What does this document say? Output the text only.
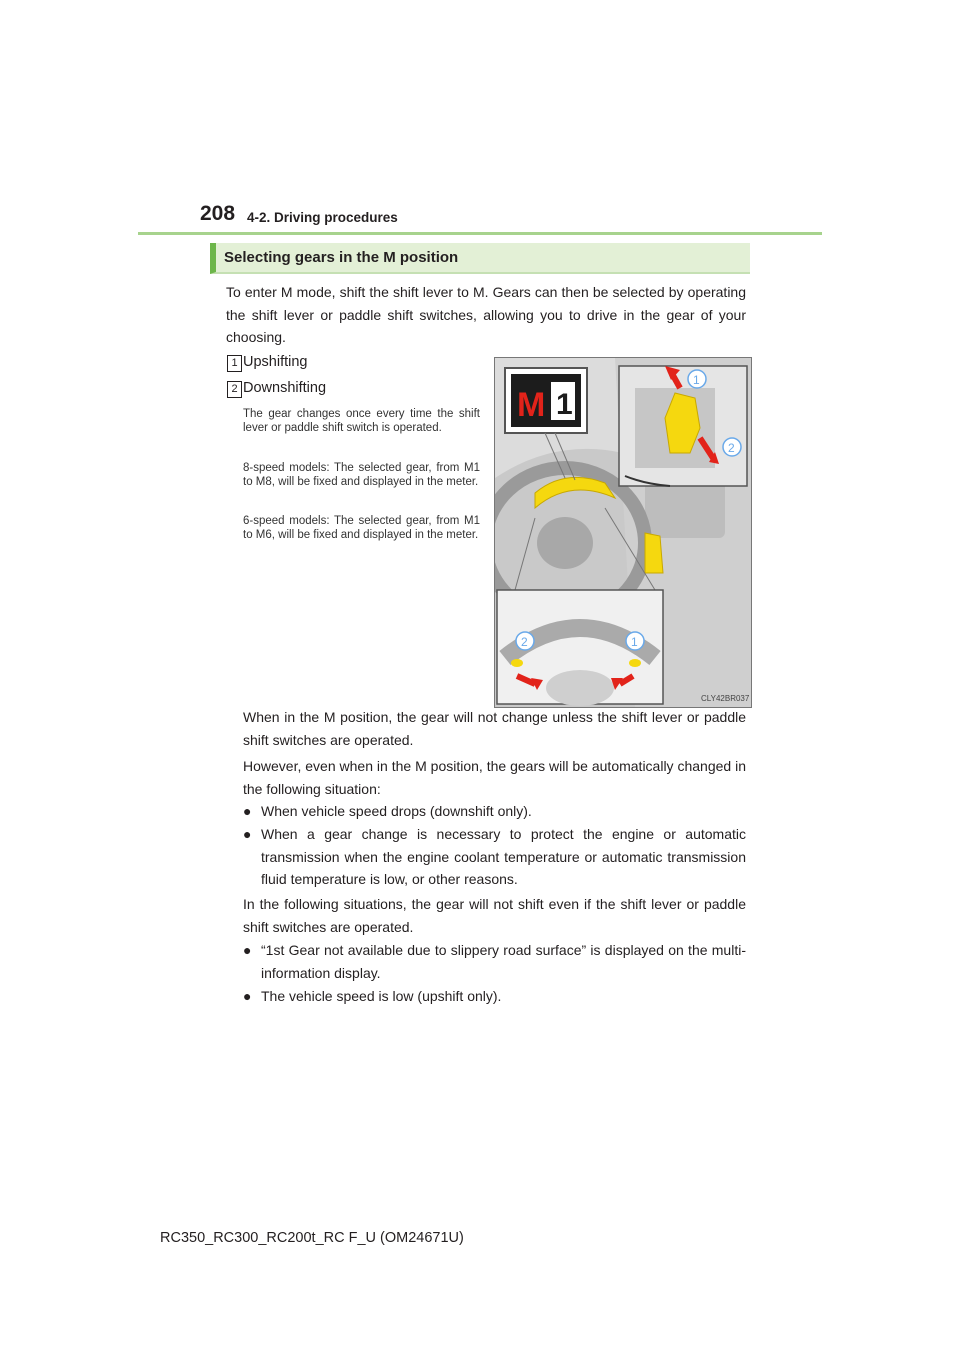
208 4-2. Driving procedures
Selecting gears in the M position
To enter M mode, shift the shift lever to M. Gears can then be selected by operating the shift lever or paddle shift switches, allowing you to drive in the gear of your choosing.
1 Upshifting
2 Downshifting
The gear changes once every time the shift lever or paddle shift switch is operated.
8-speed models: The selected gear, from M1 to M8, will be fixed and displayed in the meter.
6-speed models: The selected gear, from M1 to M6, will be fixed and displayed in the meter.
M 1
1
2
2	1
CLY42BR037
When in the M position, the gear will not change unless the shift lever or paddle shift switches are operated.
However, even when in the M position, the gears will be automatically changed in the following situation:
● When vehicle speed drops (downshift only).
● When a gear change is necessary to protect the engine or automatic transmission when the engine coolant temperature or automatic transmission fluid temperature is low, or other reasons.
In the following situations, the gear will not shift even if the shift lever or paddle shift switches are operated.
● “1st Gear not available due to slippery road surface” is displayed on the multi-information display.
● The vehicle speed is low (upshift only).
RC350_RC300_RC200t_RC F_U (OM24671U)
